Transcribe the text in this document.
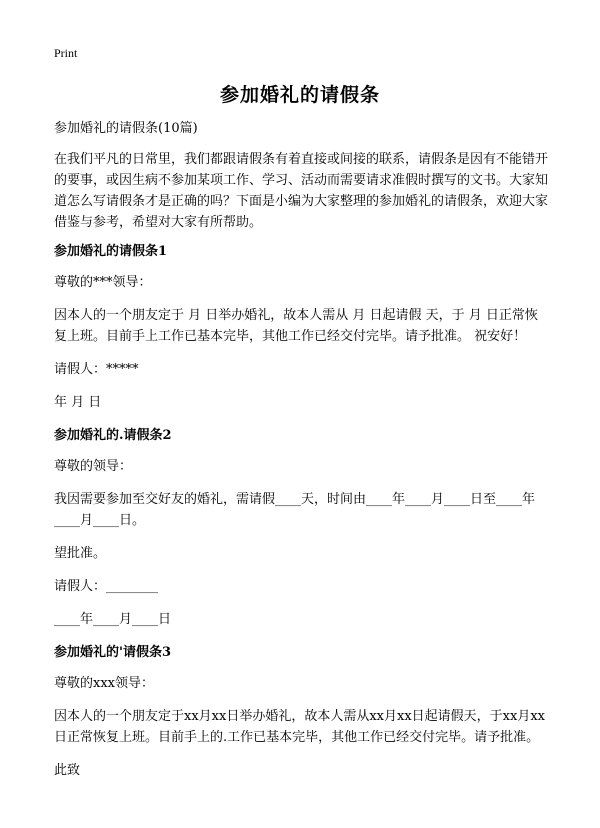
Print
参加婚礼的请假条

参加婚礼的请假条(10篇)

在我们平凡的日常里，我们都跟请假条有着直接或间接的联系，请假条是因有不能错开的要事，或因生病不参加某项工作、学习、活动而需要请求准假时撰写的文书。大家知道怎么写请假条才是正确的吗？下面是小编为大家整理的参加婚礼的请假条，欢迎大家借鉴与参考，希望对大家有所帮助。

参加婚礼的请假条1

尊敬的***领导：

因本人的一个朋友定于 月 日举办婚礼，故本人需从 月 日起请假 天，于 月 日正常恢复上班。目前手上工作已基本完毕，其他工作已经交付完毕。请予批准。 祝安好！

请假人：*****

年 月 日

参加婚礼的.请假条2

尊敬的领导：

我因需要参加至交好友的婚礼，需请假____天，时间由____年____月____日至____年____月____日。

望批准。

请假人：________

____年____月____日

参加婚礼的'请假条3

尊敬的xxx领导：

因本人的一个朋友定于xx月xx日举办婚礼，故本人需从xx月xx日起请假天，于xx月xx日正常恢复上班。目前手上的.工作已基本完毕，其他工作已经交付完毕。请予批准。

此致
